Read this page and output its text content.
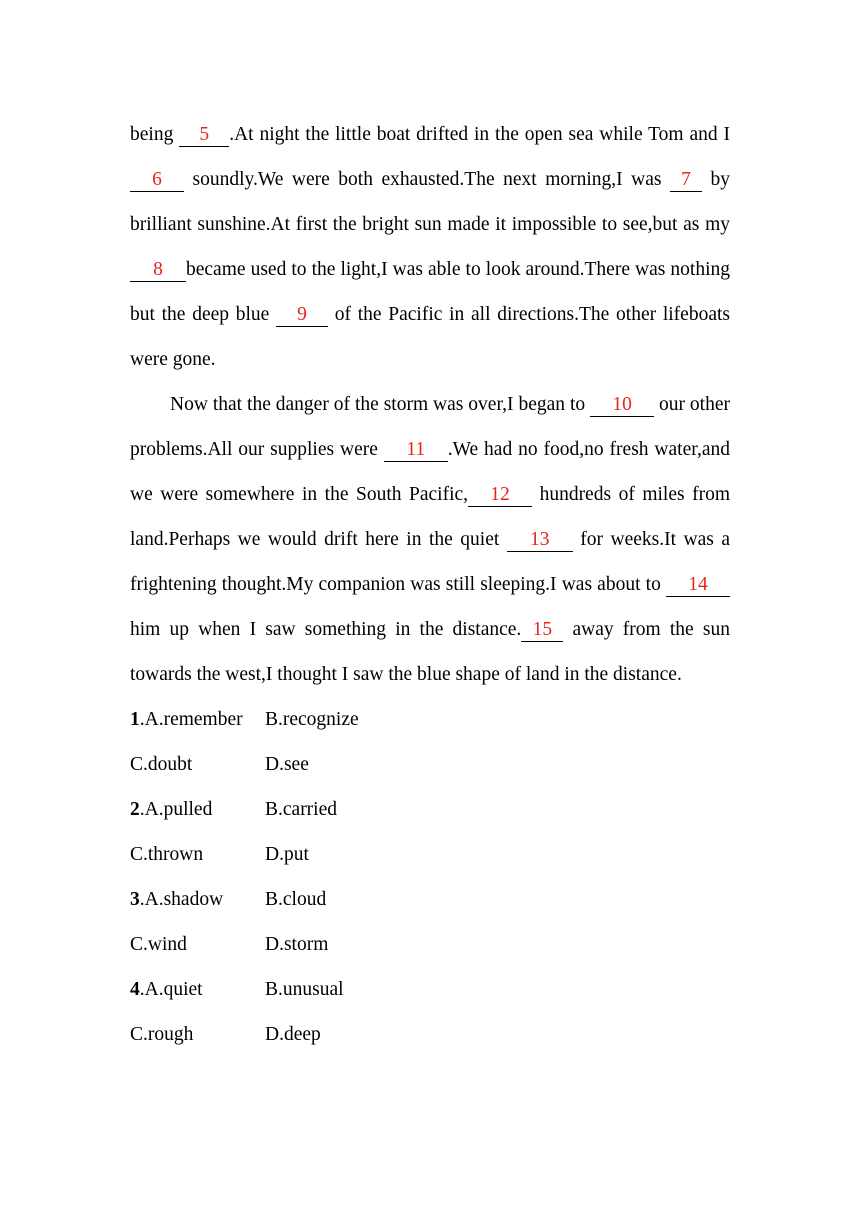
being 5 .At night the little boat drifted in the open sea while Tom and I 6 soundly.We were both exhausted.The next morning,I was 7 by brilliant sunshine.At first the bright sun made it impossible to see,but as my 8 became used to the light,I was able to look around.There was nothing but the deep blue 9 of the Pacific in all directions.The other lifeboats were gone.

Now that the danger of the storm was over,I began to 10 our other problems.All our supplies were 11 .We had no food,no fresh water,and we were somewhere in the South Pacific, 12 hundreds of miles from land.Perhaps we would drift here in the quiet 13 for weeks.It was a frightening thought.My companion was still sleeping.I was about to 14him up when I saw something in the distance. 15 away from the sun towards the west,I thought I saw the blue shape of land in the distance.

1.A.remember	B.recognize
C.doubt	D.see
2.A.pulled	B.carried
C.thrown	D.put
3.A.shadow	B.cloud
C.wind	D.storm
4.A.quiet	B.unusual
C.rough	D.deep
